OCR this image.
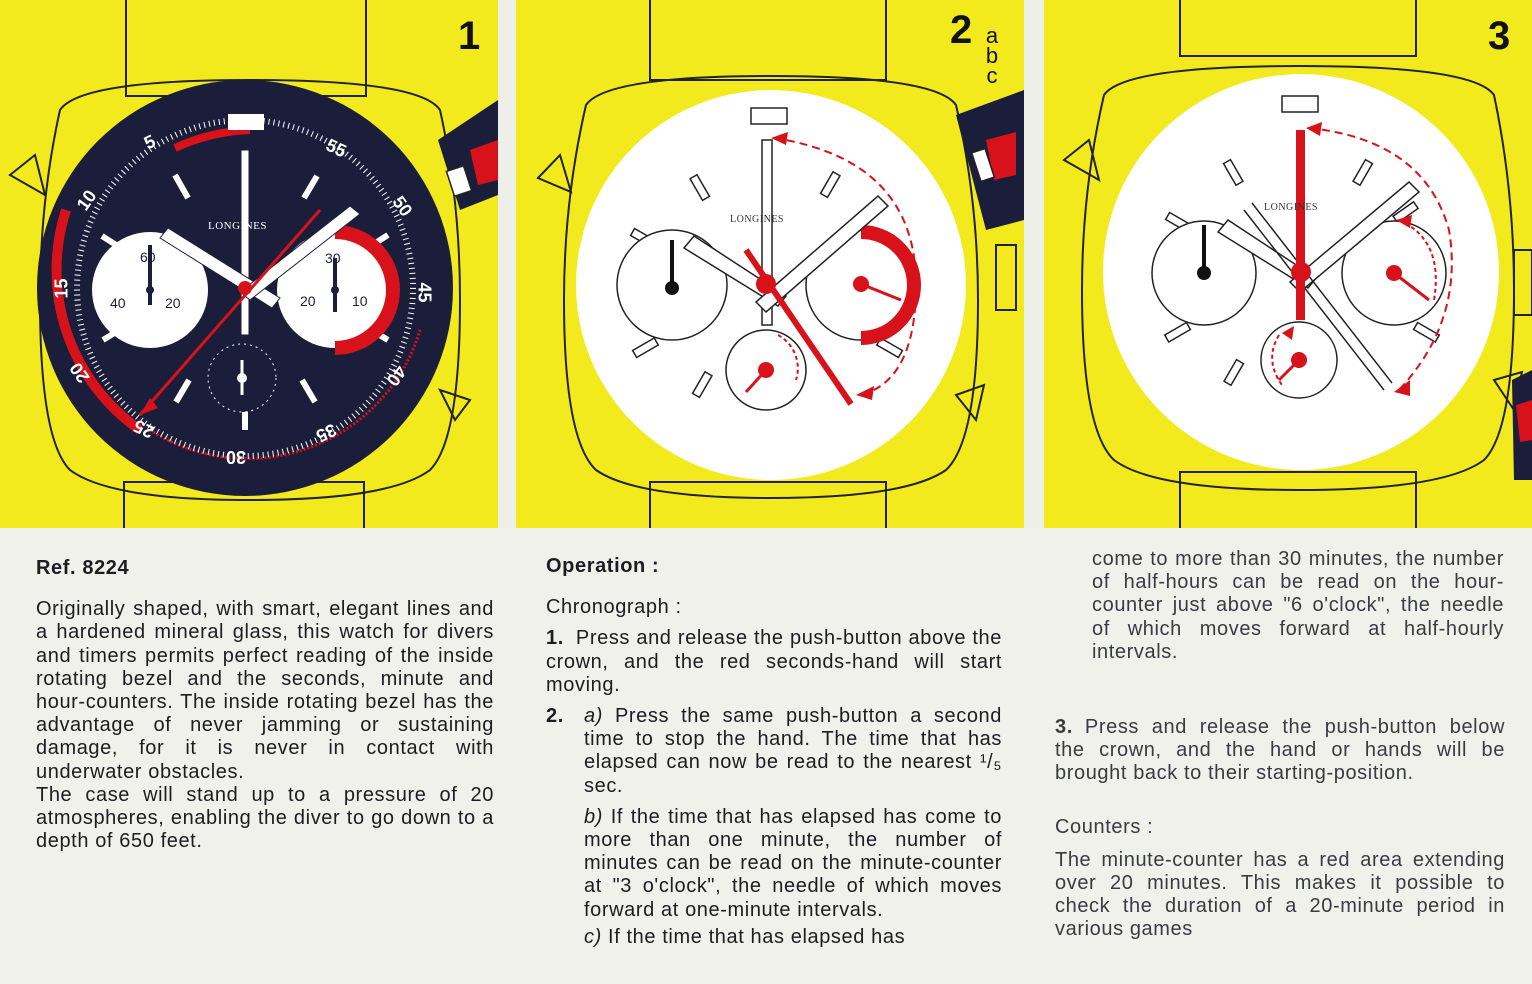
5
10
15
20
25
30
35
40
45
50
55
LONGINES
60
40	20
30
20	10
1
LONGINES
2 a
b
c
LONGINES
3

Ref. 8224

Originally shaped, with smart, elegant lines and a hardened mineral glass, this watch for divers and timers permits perfect reading of the inside rotating bezel and the seconds, minute and hour-counters. The inside rotating bezel has the advantage of never jamming or sustaining damage, for it is never in contact with underwater obstacles.

The case will stand up to a pressure of 20 atmospheres, enabling the diver to go down to a depth of 650 feet.

Operation :

Chronograph :

1. Press and release the push-button above the crown, and the red seconds-hand will start moving.
2. a) Press the same push-button a second time to stop the hand. The time that has elapsed can now be read to the nearest ¹/₅ sec.

b) If the time that has elapsed has come to more than one minute, the number of minutes can be read on the minute-counter at "3 o'clock", the needle of which moves forward at one-minute intervals.

c) If the time that has elapsed has

come to more than 30 minutes, the number of half-hours can be read on the hour-counter just above "6 o'clock", the needle of which moves forward at half-hourly intervals.

3. Press and release the push-button below the crown, and the hand or hands will be brought back to their starting-position.

Counters :

The minute-counter has a red area extending over 20 minutes. This makes it possible to check the duration of a 20-minute period in various games
